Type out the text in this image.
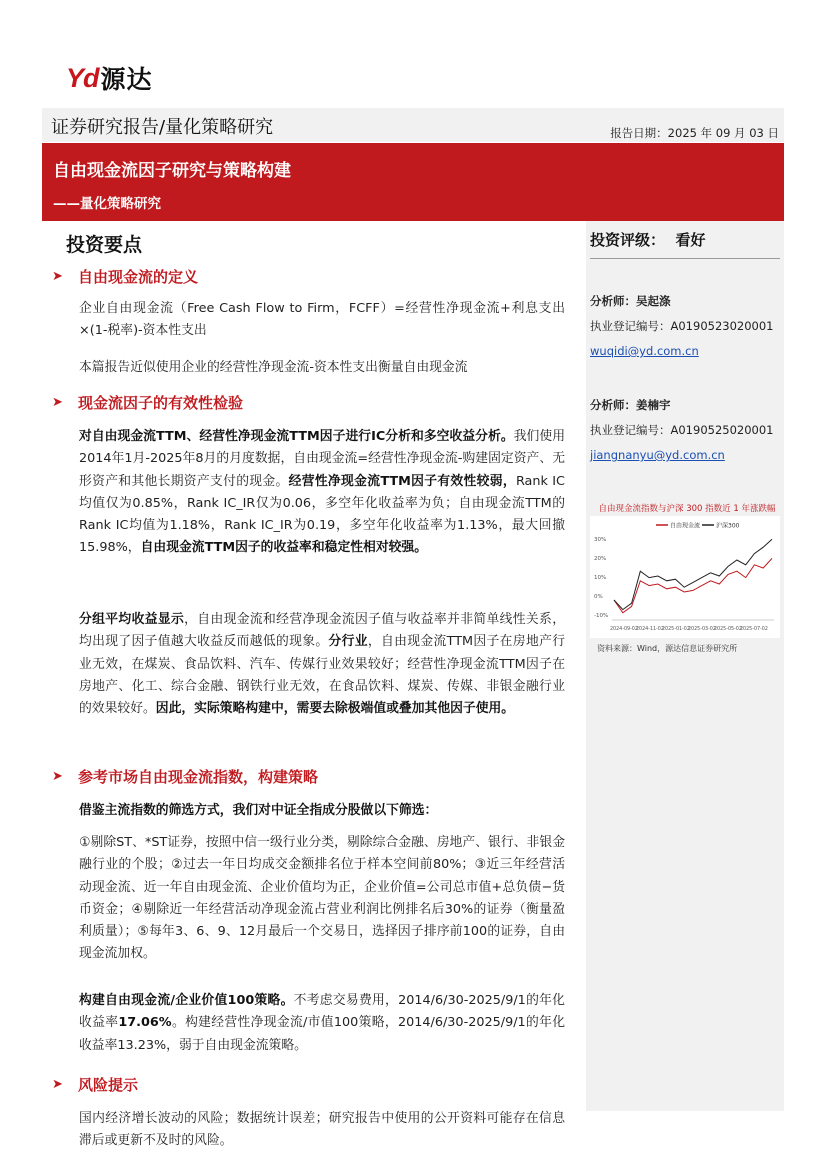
Yd 源达
证券研究报告/量化策略研究	报告日期：2025 年 09 月 03 日
自由现金流因子研究与策略构建
——量化策略研究
投资要点
➤	自由现金流的定义
企业自由现金流（Free Cash Flow to Firm，FCFF）=经营性净现金流+利息支出×(1-税率)-资本性支出
本篇报告近似使用企业的经营性净现金流-资本性支出衡量自由现金流
➤	现金流因子的有效性检验
对自由现金流TTM、经营性净现金流TTM因子进行IC分析和多空收益分析。我们使用2014年1月-2025年8月的月度数据，自由现金流=经营性净现金流-购建固定资产、无形资产和其他长期资产支付的现金。经营性净现金流TTM因子有效性较弱，Rank IC均值仅为0.85%，Rank IC_IR仅为0.06，多空年化收益率为负；自由现金流TTM的Rank IC均值为1.18%，Rank IC_IR为0.19，多空年化收益率为1.13%，最大回撤15.98%，自由现金流TTM因子的收益率和稳定性相对较强。
分组平均收益显示，自由现金流和经营净现金流因子值与收益率并非简单线性关系，均出现了因子值越大收益反而越低的现象。分行业，自由现金流TTM因子在房地产行业无效，在煤炭、食品饮料、汽车、传媒行业效果较好；经营性净现金流TTM因子在房地产、化工、综合金融、钢铁行业无效，在食品饮料、煤炭、传媒、非银金融行业的效果较好。因此，实际策略构建中，需要去除极端值或叠加其他因子使用。
➤	参考市场自由现金流指数，构建策略
借鉴主流指数的筛选方式，我们对中证全指成分股做以下筛选：
①剔除ST、*ST证券，按照中信一级行业分类，剔除综合金融、房地产、银行、非银金融行业的个股；②过去一年日均成交金额排名位于样本空间前80%；③近三年经营活动现金流、近一年自由现金流、企业价值均为正，企业价值=公司总市值+总负债−货币资金；④剔除近一年经营活动净现金流占营业利润比例排名后30%的证券（衡量盈利质量）；⑤每年3、6、9、12月最后一个交易日，选择因子排序前100的证券，自由现金流加权。
构建自由现金流/企业价值100策略。不考虑交易费用，2014/6/30-2025/9/1的年化收益率17.06%。构建经营性净现金流/市值100策略，2014/6/30-2025/9/1的年化收益率13.23%，弱于自由现金流策略。
➤	风险提示
国内经济增长波动的风险；数据统计误差；研究报告中使用的公开资料可能存在信息滞后或更新不及时的风险。
投资评级： 看好
分析师：吴起涤
执业登记编号：A0190523020001
wuqidi@yd.com.cn
分析师：姜楠宇
执业登记编号：A0190525020001
jiangnanyu@yd.com.cn
自由现金流指数与沪深 300 指数近 1 年涨跌幅
自由现金流	沪深300
30%
20%
10%
0%
-10%
2024-09-02
2024-11-02
2025-01-02
2025-03-02
2025-05-02
2025-07-02
资料来源：Wind，源达信息证券研究所
